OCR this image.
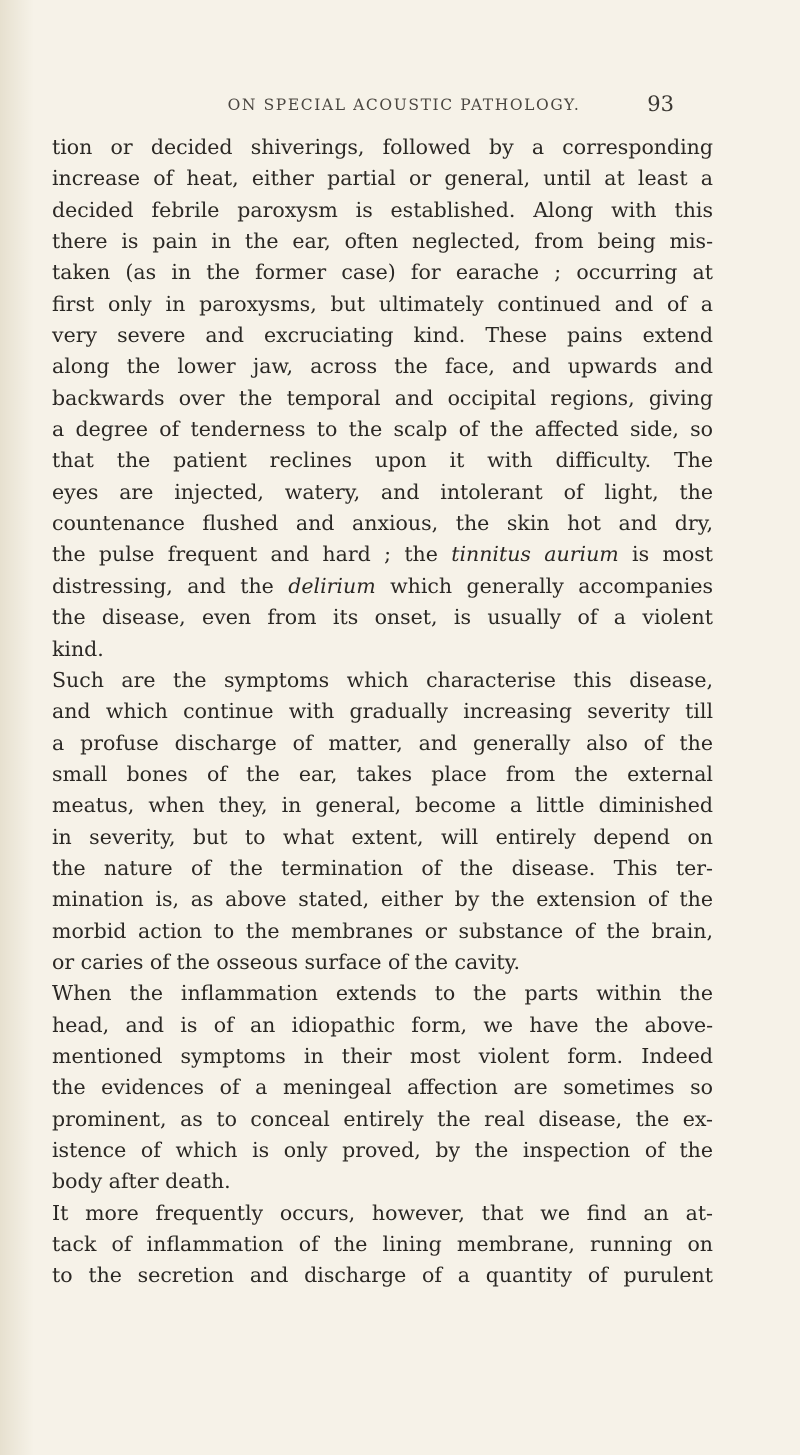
ON SPECIAL ACOUSTIC PATHOLOGY.	93
tion or decided shiverings, followed by a corresponding
increase of heat, either partial or general, until at least a
decided febrile paroxysm is established. Along with this
there is pain in the ear, often neglected, from being mis-
taken (as in the former case) for earache ; occurring at
first only in paroxysms, but ultimately continued and of a
very severe and excruciating kind. These pains extend
along the lower jaw, across the face, and upwards and
backwards over the temporal and occipital regions, giving
a degree of tenderness to the scalp of the affected side, so
that the patient reclines upon it with difficulty. The
eyes are injected, watery, and intolerant of light, the
countenance flushed and anxious, the skin hot and dry,
the pulse frequent and hard ; the tinnitus aurium is most
distressing, and the delirium which generally accompanies
the disease, even from its onset, is usually of a violent
kind.
Such are the symptoms which characterise this disease,
and which continue with gradually increasing severity till
a profuse discharge of matter, and generally also of the
small bones of the ear, takes place from the external
meatus, when they, in general, become a little diminished
in severity, but to what extent, will entirely depend on
the nature of the termination of the disease. This ter-
mination is, as above stated, either by the extension of the
morbid action to the membranes or substance of the brain,
or caries of the osseous surface of the cavity.
When the inflammation extends to the parts within the
head, and is of an idiopathic form, we have the above-
mentioned symptoms in their most violent form. Indeed
the evidences of a meningeal affection are sometimes so
prominent, as to conceal entirely the real disease, the ex-
istence of which is only proved, by the inspection of the
body after death.
It more frequently occurs, however, that we find an at-
tack of inflammation of the lining membrane, running on
to the secretion and discharge of a quantity of purulent
